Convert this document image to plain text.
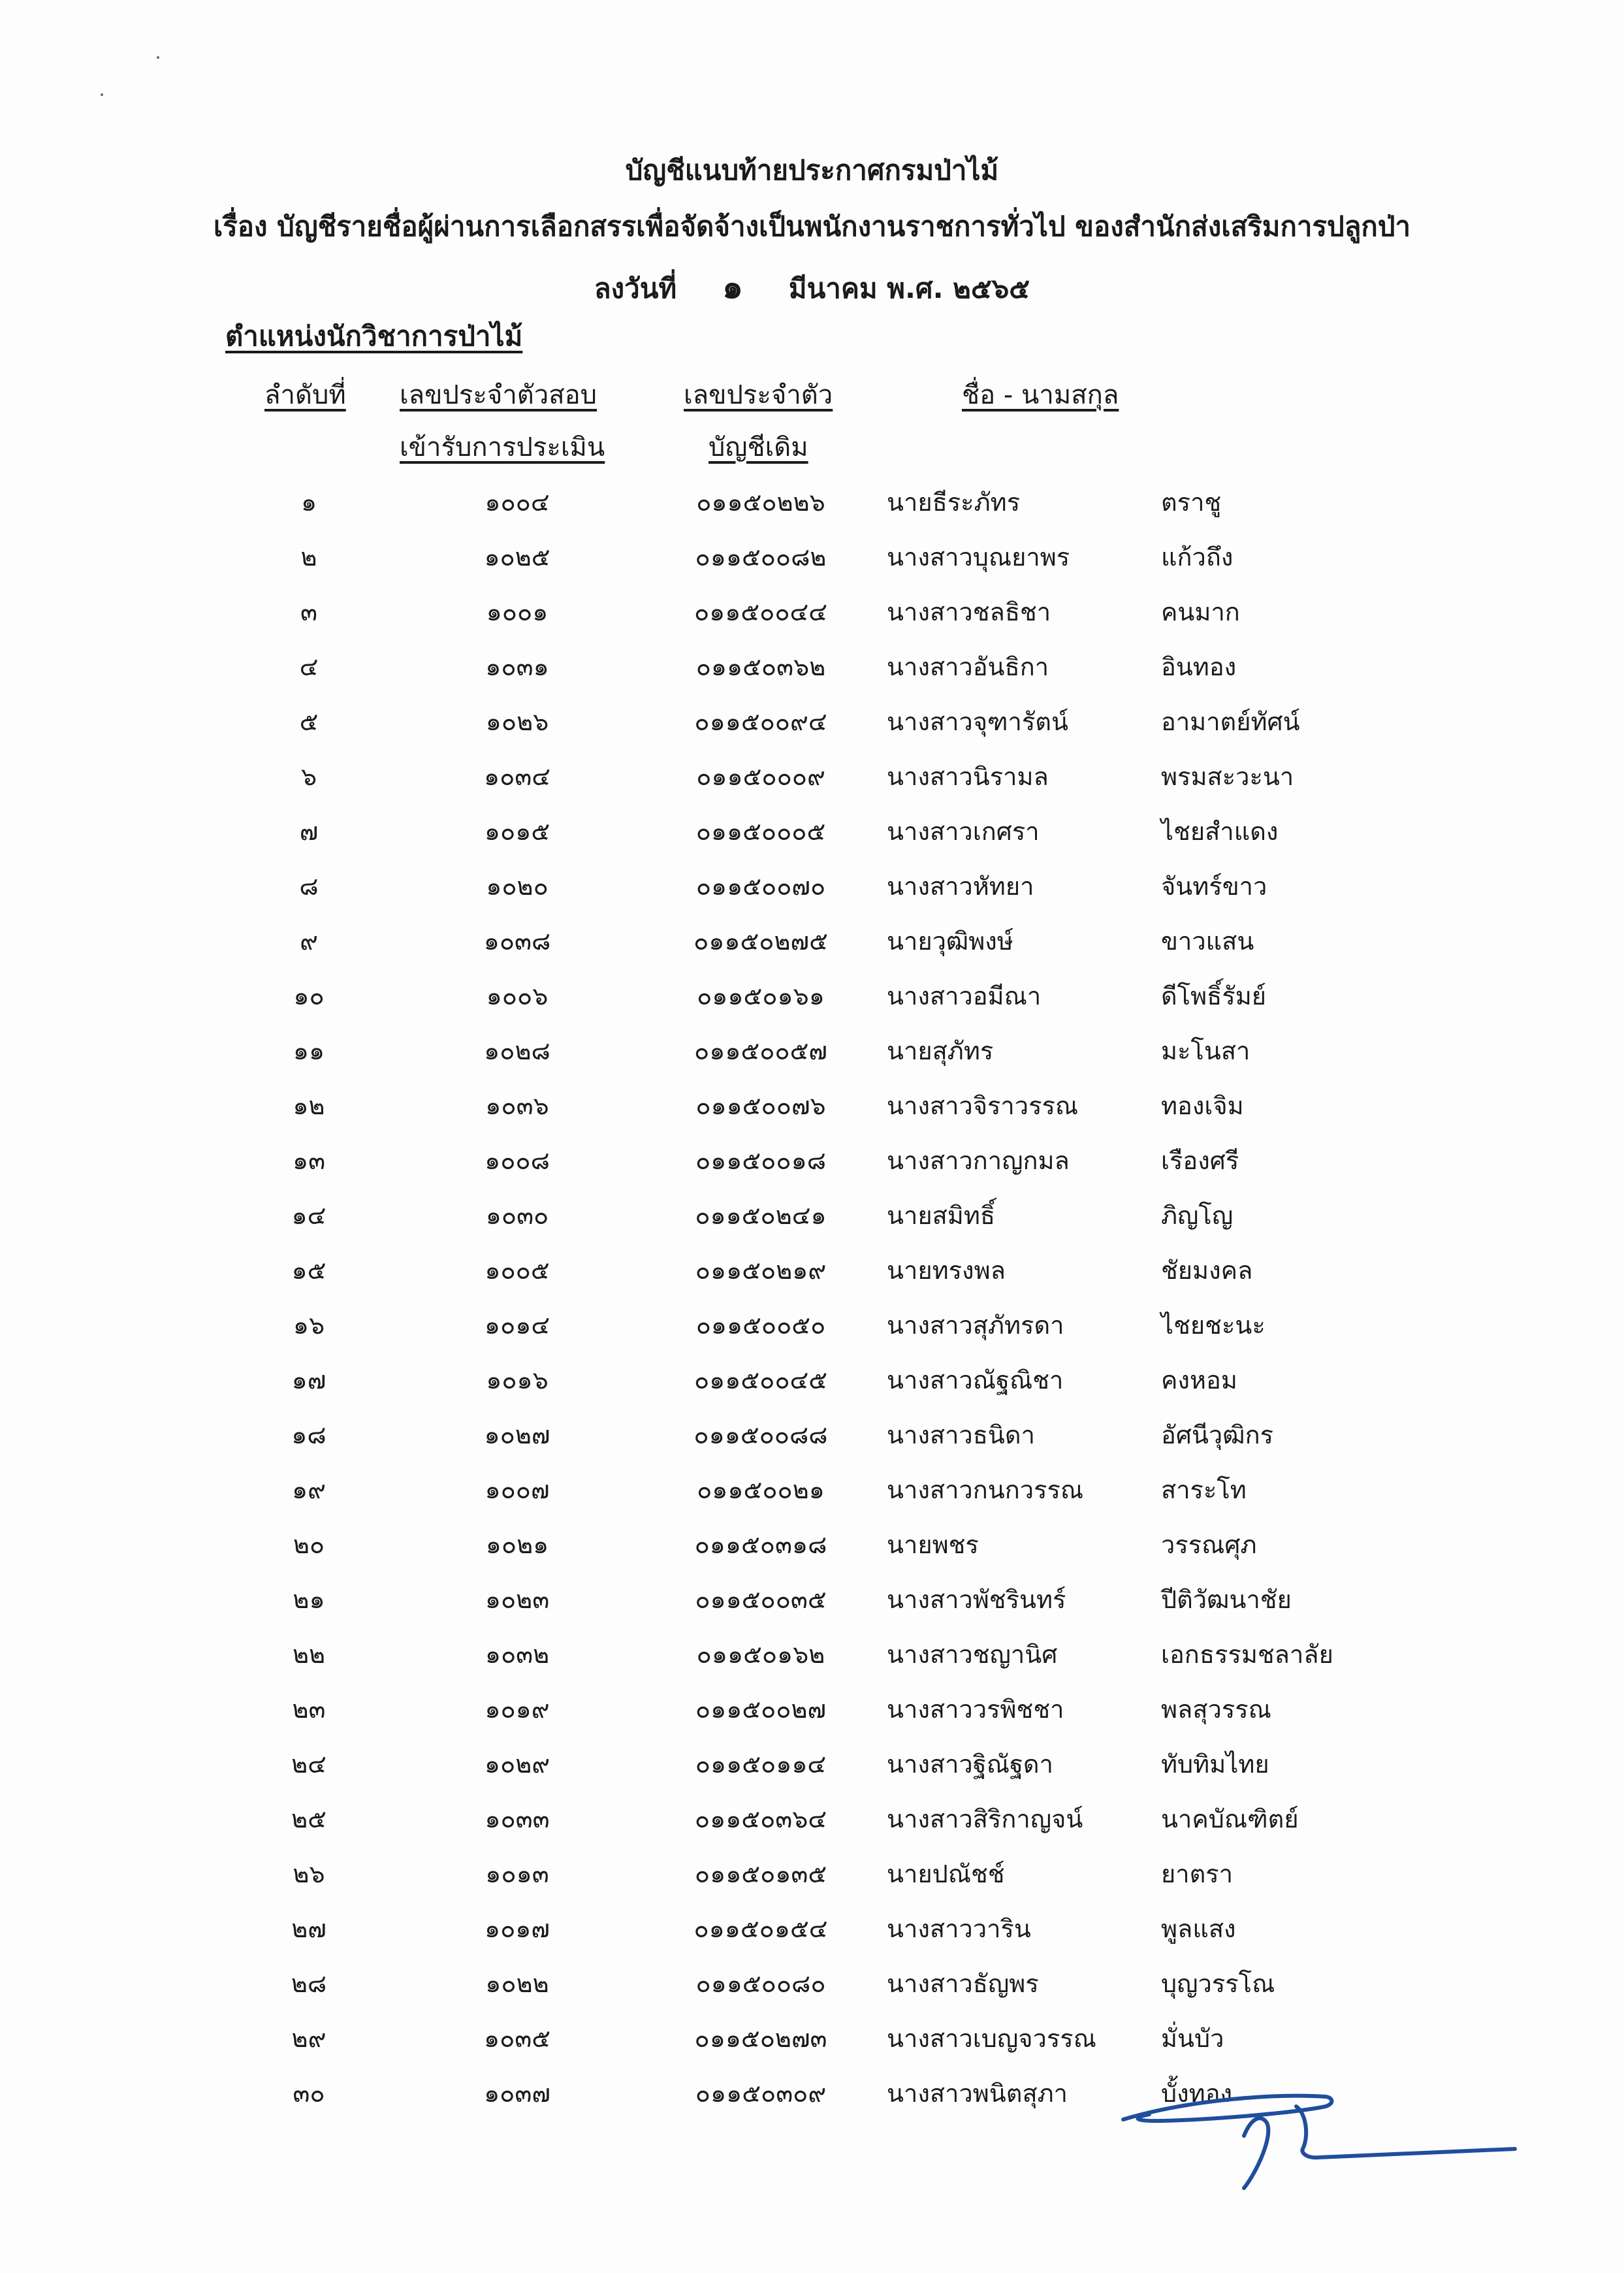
บัญชีแนบท้ายประกาศกรมป่าไม้
เรื่อง บัญชีรายชื่อผู้ผ่านการเลือกสรรเพื่อจัดจ้างเป็นพนักงานราชการทั่วไป ของสำนักส่งเสริมการปลูกป่า
ลงวันที่ ๑ มีนาคม พ.ศ. ๒๕๖๕
ตำแหน่งนักวิชาการป่าไม้
ลำดับที่ เลขประจำตัวสอบ
เข้ารับการประเมิน
เลขประจำตัว
บัญชีเดิม
ชื่อ - นามสกุล
๑	๑๐๐๔	๐๑๑๕๐๒๒๖ นายธีระภัทร	ตราชู
๒	๑๐๒๕	๐๑๑๕๐๐๘๒ นางสาวบุณยาพร	แก้วถึง
๓	๑๐๐๑	๐๑๑๕๐๐๔๔ นางสาวชลธิชา	คนมาก
๔	๑๐๓๑	๐๑๑๕๐๓๖๒ นางสาวอันธิกา	อินทอง
๕	๑๐๒๖	๐๑๑๕๐๐๙๔ นางสาวจุฑารัตน์	อามาตย์ทัศน์
๖	๑๐๓๔	๐๑๑๕๐๐๐๙ นางสาวนิรามล	พรมสะวะนา
๗	๑๐๑๕	๐๑๑๕๐๐๐๕ นางสาวเกศรา	ไชยสำแดง
๘	๑๐๒๐	๐๑๑๕๐๐๗๐ นางสาวหัทยา	จันทร์ขาว
๙	๑๐๓๘	๐๑๑๕๐๒๗๕ นายวุฒิพงษ์	ขาวแสน
๑๐	๑๐๐๖	๐๑๑๕๐๑๖๑	นางสาวอมีณา	ดีโพธิ์รัมย์
๑๑	๑๐๒๘	๐๑๑๕๐๐๕๗ นายสุภัทร	มะโนสา
๑๒	๑๐๓๖	๐๑๑๕๐๐๗๖ นางสาวจิราวรรณ	ทองเจิม
๑๓	๑๐๐๘	๐๑๑๕๐๐๑๘ นางสาวกาญกมล	เรืองศรี
๑๔	๑๐๓๐	๐๑๑๕๐๒๔๑ นายสมิทธิ์	ภิญโญ
๑๕	๑๐๐๕	๐๑๑๕๐๒๑๙ นายทรงพล	ชัยมงคล
๑๖	๑๐๑๔	๐๑๑๕๐๐๕๐ นางสาวสุภัทรดา	ไชยชะนะ
๑๗	๑๐๑๖	๐๑๑๕๐๐๔๕ นางสาวณัฐณิชา	คงหอม
๑๘	๑๐๒๗	๐๑๑๕๐๐๘๘ นางสาวธนิดา	อัศนีวุฒิกร
๑๙	๑๐๐๗	๐๑๑๕๐๐๒๑	นางสาวกนกวรรณ	สาระโท
๒๐	๑๐๒๑	๐๑๑๕๐๓๑๘ นายพชร	วรรณศุภ
๒๑	๑๐๒๓	๐๑๑๕๐๐๓๕ นางสาวพัชรินทร์	ปีติวัฒนาชัย
๒๒	๑๐๓๒	๐๑๑๕๐๑๖๒ นางสาวชญานิศ	เอกธรรมชลาลัย
๒๓	๑๐๑๙	๐๑๑๕๐๐๒๗ นางสาววรพิชชา	พลสุวรรณ
๒๔	๑๐๒๙	๐๑๑๕๐๑๑๔ นางสาวฐิณัฐดา	ทับทิมไทย
๒๕	๑๐๓๓	๐๑๑๕๐๓๖๔ นางสาวสิริกาญจน์	นาคบัณฑิตย์
๒๖	๑๐๑๓	๐๑๑๕๐๑๓๕ นายปณัชช์	ยาตรา
๒๗	๑๐๑๗	๐๑๑๕๐๑๕๔ นางสาววาริน	พูลแสง
๒๘	๑๐๒๒	๐๑๑๕๐๐๘๐ นางสาวธัญพร	บุญวรรโณ
๒๙	๑๐๓๕	๐๑๑๕๐๒๗๓ นางสาวเบญจวรรณ	มั่นบัว
๓๐	๑๐๓๗	๐๑๑๕๐๓๐๙ นางสาวพนิตสุภา	บั้งทอง
